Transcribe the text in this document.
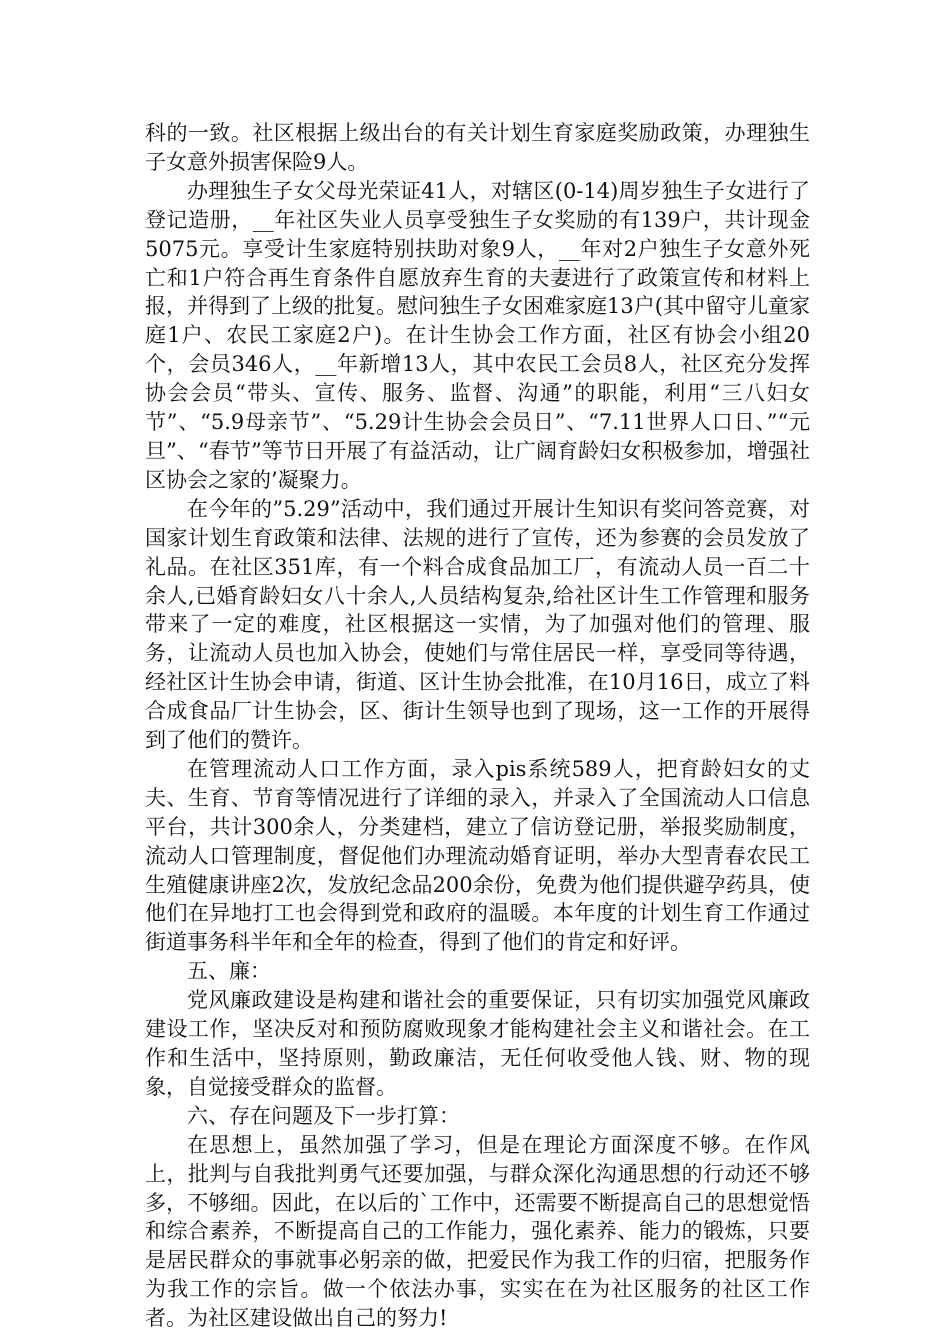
科的一致。社区根据上级出台的有关计划生育家庭奖励政策，办理独生子女意外损害保险9人。

办理独生子女父母光荣证41人，对辖区(0-14)周岁独生子女进行了登记造册，__年社区失业人员享受独生子女奖励的有139户，共计现金5075元。享受计生家庭特别扶助对象9人，__年对2户独生子女意外死亡和1户符合再生育条件自愿放弃生育的夫妻进行了政策宣传和材料上报，并得到了上级的批复。慰问独生子女困难家庭13户(其中留守儿童家庭1户、农民工家庭2户)。在计生协会工作方面，社区有协会小组20个，会员346人，__年新增13人，其中农民工会员8人，社区充分发挥协会会员“带头、宣传、服务、监督、沟通”的职能，利用“三八妇女节”、“5.9母亲节”、“5.29计生协会会员日”、“7.11世界人口日、”“元旦”、“春节”等节日开展了有益活动，让广阔育龄妇女积极参加，增强社区协会之家的’凝聚力。

在今年的”5.29”活动中，我们通过开展计生知识有奖问答竞赛，对国家计划生育政策和法律、法规的进行了宣传，还为参赛的会员发放了礼品。在社区351库，有一个料合成食品加工厂，有流动人员一百二十余人,已婚育龄妇女八十余人,人员结构复杂,给社区计生工作管理和服务带来了一定的难度，社区根据这一实情，为了加强对他们的管理、服务，让流动人员也加入协会，使她们与常住居民一样，享受同等待遇，经社区计生协会申请，街道、区计生协会批准，在10月16日，成立了料合成食品厂计生协会，区、街计生领导也到了现场，这一工作的开展得到了他们的赞许。

在管理流动人口工作方面，录入pis系统589人，把育龄妇女的丈夫、生育、节育等情况进行了详细的录入，并录入了全国流动人口信息平台，共计300余人，分类建档，建立了信访登记册，举报奖励制度，流动人口管理制度，督促他们办理流动婚育证明，举办大型青春农民工生殖健康讲座2次，发放纪念品200余份，免费为他们提供避孕药具，使他们在异地打工也会得到党和政府的温暖。本年度的计划生育工作通过街道事务科半年和全年的检查，得到了他们的肯定和好评。

五、廉：

党风廉政建设是构建和谐社会的重要保证，只有切实加强党风廉政建设工作，坚决反对和预防腐败现象才能构建社会主义和谐社会。在工作和生活中，坚持原则，勤政廉洁，无任何收受他人钱、财、物的现象，自觉接受群众的监督。

六、存在问题及下一步打算：

在思想上，虽然加强了学习，但是在理论方面深度不够。在作风上，批判与自我批判勇气还要加强，与群众深化沟通思想的行动还不够多，不够细。因此，在以后的`工作中，还需要不断提高自己的思想觉悟和综合素养，不断提高自己的工作能力，强化素养、能力的锻炼，只要是居民群众的事就事必躬亲的做，把爱民作为我工作的归宿，把服务作为我工作的宗旨。做一个依法办事，实实在在为社区服务的社区工作者。为社区建设做出自己的努力!
